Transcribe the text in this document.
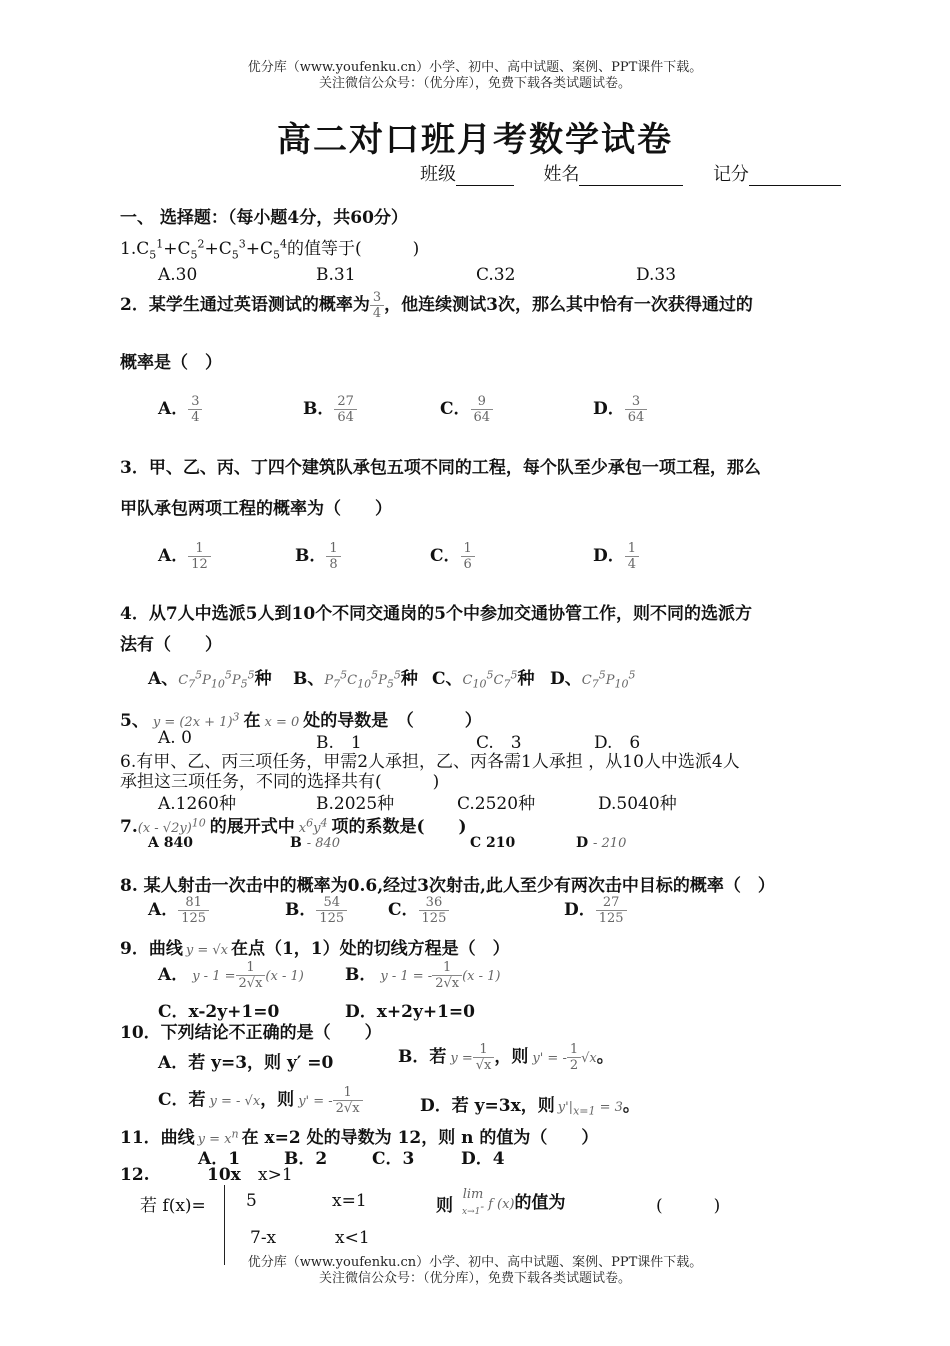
优分库（www.youfenku.cn）小学、初中、高中试题、案例、PPT课件下载。
关注微信公众号：（优分库），免费下载各类试题试卷。
高二对口班月考数学试卷
班级	姓名	记分
一、 选择题：（每小题4分，共60分）
$1.C_5^1+C_5^2+C_5^3+C_5^4$的值等于(　　　)
A.30	B.31	C.32	D.33
2．某学生通过英语测试的概率为 $\frac{3}{4}$ ，他连续测试3次，那么其中恰有一次获得通过的
概率是（　）
A． $\frac{3}{4}$	B． $\frac{27}{64}$	C． $\frac{9}{64}$	D． $\frac{3}{64}$
3．甲、乙、丙、丁四个建筑队承包五项不同的工程，每个队至少承包一项工程，那么
甲队承包两项工程的概率为（　　）
A． $\frac{1}{12}$	B． $\frac{1}{8}$	C． $\frac{1}{6}$	D． $\frac{1}{4}$
4．从7人中选派5人到10个不同交通岗的5个中参加交通协管工作，则不同的选派方
法有（　　）
A、$C_7^5P_{10}^5P_5^5$种 B、$P_7^5C_{10}^5P_5^5$种 C、$C_{10}^5C_7^5$种 D、$C_7^5P_{10}^5$
5、 $y = (2x + 1)^3$ 在 x = 0 处的导数是　（　　　）
A. 0	B.　1	C.　3	D.　6
6.有甲、乙、丙三项任务，甲需2人承担，乙、丙各需1人承担 ，从10人中选派4人
承担这三项任务，不同的选择共有(　　　)
A.1260种	B.2025种	C.2520种	D.5040种
7.(x - √2y)$^{10}$ 的展开式中 $x^6y^4$ 项的系数是(　　)
A 840	B - 840	C 210	D - 210
8. 某人射击一次击中的概率为0.6,经过3次射击,此人至少有两次击中目标的概率（　）
A． $\frac{81}{125}$	B． $\frac{54}{125}$ C． $\frac{36}{125}$	D． $\frac{27}{125}$
9．曲线 y = √x 在点（1，1）处的切线方程是（　）
A． $y - 1 = \frac{1}{2√x} (x - 1)$ B． y - 1 = - $\frac{1}{2√x} (x - 1)$
C．x-2y+1=0	D．x+2y+1=0
10．下列结论不正确的是（　　）
A．若 y=3，则 y′ =0	B．若 $y = \frac{1}{√x}$ ，则 y' = - $\frac{1}{2} √x$。
C．若 y = - √x，则 y' = - $\frac{1}{2√x}$	D．若 y=3x，则 $y'|_{x=1} = 3$。
11．曲线 $y = x^n$ 在 x=2 处的导数为 12，则 n 的值为（　　）
A．1	B．2	C．3	D．4
12.	10x x>1
若 f(x)= 5	x=1	则
lim
x→1- f (x)的值为	(　　　)
7-x	x<1
优分库（www.youfenku.cn）小学、初中、高中试题、案例、PPT课件下载。
关注微信公众号：（优分库），免费下载各类试题试卷。
